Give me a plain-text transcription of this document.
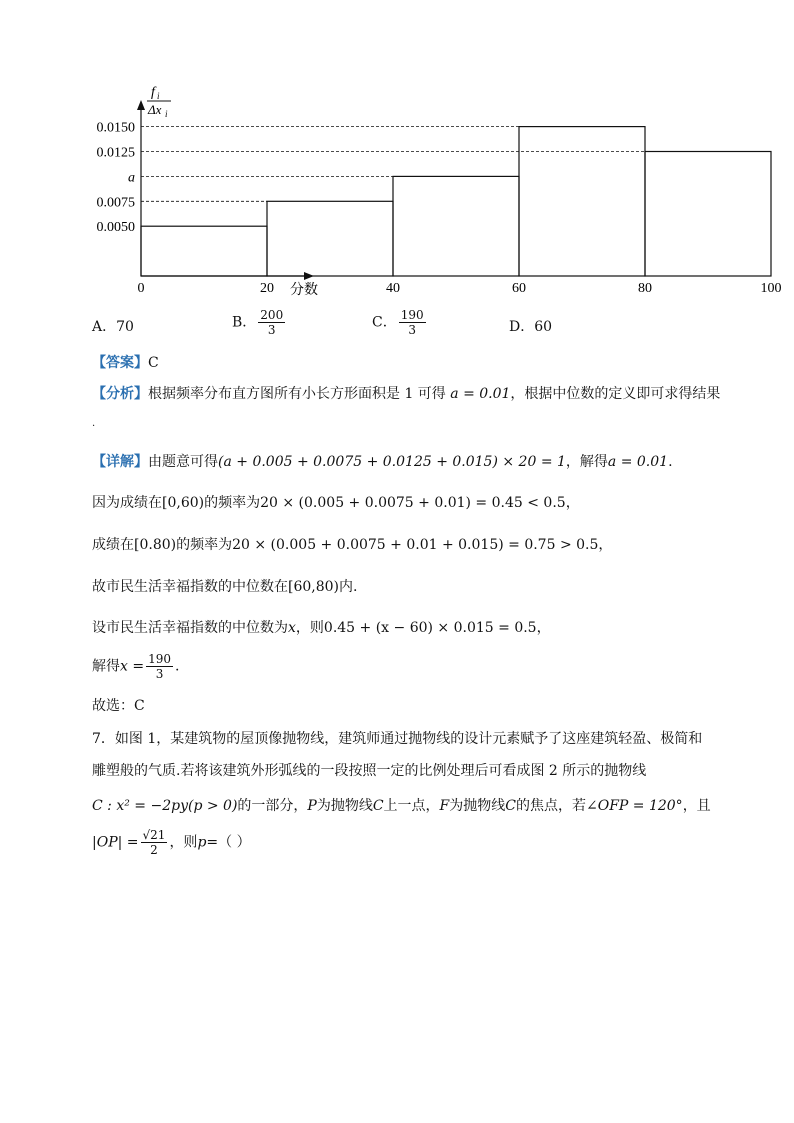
0.0150
0.0125
a
0.0075
0.0050
0	20	40	60	80	100
分数
f i
Δx i
A．70	B． $\frac{200}{3}$	C． $\frac{190}{3}$	D．60
【答案】C
【分析】根据频率分布直方图所有小长方形面积是 1 可得 a = 0.01，根据中位数的定义即可求得结果
.
【详解】由题意可得(a + 0.005 + 0.0075 + 0.0125 + 0.015) × 20 = 1，解得a = 0.01.
因为成绩在[0,60)的频率为20 × (0.005 + 0.0075 + 0.01) = 0.45 < 0.5，
成绩在[0.80)的频率为20 × (0.005 + 0.0075 + 0.01 + 0.015) = 0.75 > 0.5，
故市民生活幸福指数的中位数在[60,80)内.
设市民生活幸福指数的中位数为x，则0.45 + (x − 60) × 0.015 = 0.5，
解得$x = \frac{190}{3}$ .
故选：C
7．如图 1，某建筑物的屋顶像抛物线，建筑师通过抛物线的设计元素赋予了这座建筑轻盈、极简和
雕塑般的气质.若将该建筑外形弧线的一段按照一定的比例处理后可看成图 2 所示的抛物线
C : x² = −2py(p > 0)的一部分，P为抛物线C上一点，F为抛物线C的焦点，若∠OFP = 120°，且
$|OP| = \frac{√21}{2}$ ，则p=（ ）
